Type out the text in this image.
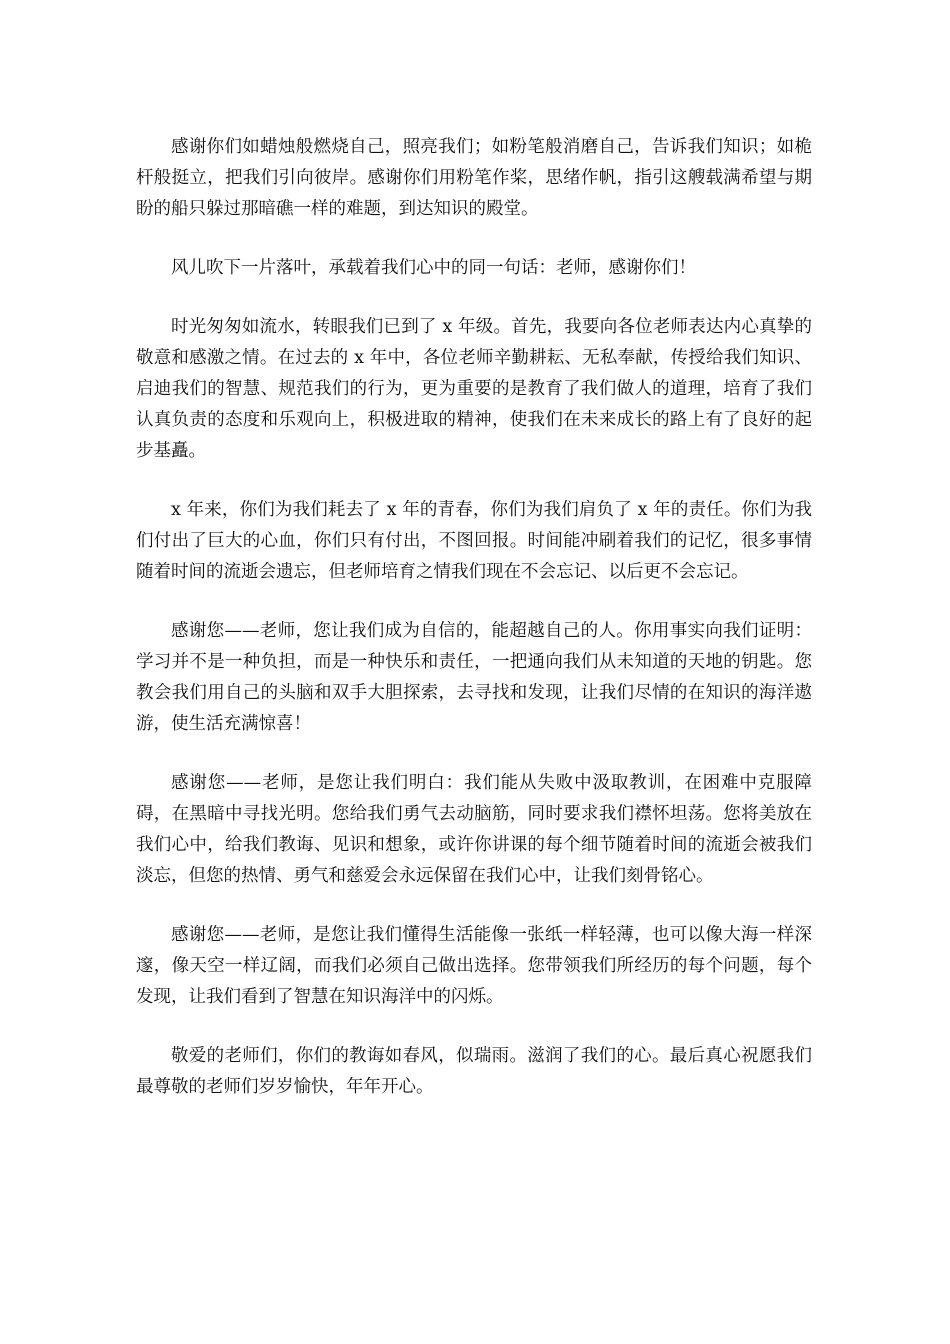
感谢你们如蜡烛般燃烧自己，照亮我们；如粉笔般消磨自己，告诉我们知识；如桅杆般挺立，把我们引向彼岸。感谢你们用粉笔作桨，思绪作帆，指引这艘载满希望与期盼的船只躲过那暗礁一样的难题，到达知识的殿堂。

风儿吹下一片落叶，承载着我们心中的同一句话：老师，感谢你们！

时光匆匆如流水，转眼我们已到了 x 年级。首先，我要向各位老师表达内心真挚的敬意和感激之情。在过去的 x 年中，各位老师辛勤耕耘、无私奉献，传授给我们知识、启迪我们的智慧、规范我们的行为，更为重要的是教育了我们做人的道理，培育了我们认真负责的态度和乐观向上，积极进取的精神，使我们在未来成长的路上有了良好的起步基矗。

x 年来，你们为我们耗去了 x 年的青春，你们为我们肩负了 x 年的责任。你们为我们付出了巨大的心血，你们只有付出，不图回报。时间能冲刷着我们的记忆，很多事情随着时间的流逝会遗忘，但老师培育之情我们现在不会忘记、以后更不会忘记。

感谢您——老师，您让我们成为自信的，能超越自己的人。你用事实向我们证明：学习并不是一种负担，而是一种快乐和责任，一把通向我们从未知道的天地的钥匙。您教会我们用自己的头脑和双手大胆探索，去寻找和发现，让我们尽情的在知识的海洋遨游，使生活充满惊喜！

感谢您——老师，是您让我们明白：我们能从失败中汲取教训，在困难中克服障碍，在黑暗中寻找光明。您给我们勇气去动脑筋，同时要求我们襟怀坦荡。您将美放在我们心中，给我们教诲、见识和想象，或许你讲课的每个细节随着时间的流逝会被我们淡忘，但您的热情、勇气和慈爱会永远保留在我们心中，让我们刻骨铭心。

感谢您——老师，是您让我们懂得生活能像一张纸一样轻薄，也可以像大海一样深邃，像天空一样辽阔，而我们必须自己做出选择。您带领我们所经历的每个问题，每个发现，让我们看到了智慧在知识海洋中的闪烁。

敬爱的老师们，你们的教诲如春风，似瑞雨。滋润了我们的心。最后真心祝愿我们最尊敬的老师们岁岁愉快，年年开心。
